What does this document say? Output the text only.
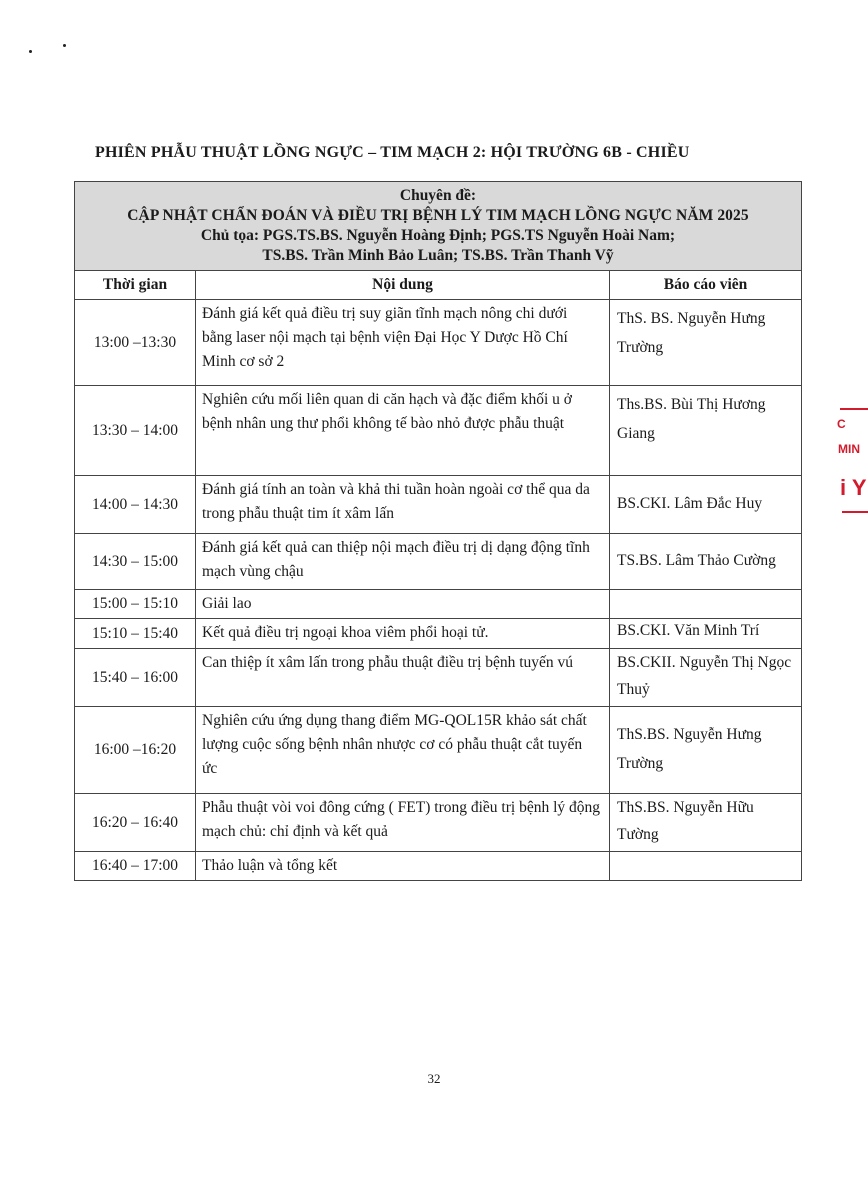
PHIÊN PHẪU THUẬT LỒNG NGỰC – TIM MẠCH 2: HỘI TRƯỜNG 6B - CHIỀU
Chuyên đề:
CẬP NHẬT CHẨN ĐOÁN VÀ ĐIỀU TRỊ BỆNH LÝ TIM MẠCH LỒNG NGỰC NĂM 2025
Chủ tọa: PGS.TS.BS. Nguyễn Hoàng Định; PGS.TS Nguyễn Hoài Nam;
TS.BS. Trần Minh Bảo Luân; TS.BS. Trần Thanh Vỹ		

Thời gian	Nội dung	Báo cáo viên
13:00 –13:30	Đánh giá kết quả điều trị suy giãn tĩnh mạch nông chi dưới bằng laser nội mạch tại bệnh viện Đại Học Y Dược Hồ Chí Minh cơ sở 2	ThS. BS. Nguyễn Hưng Trường
13:30 – 14:00	Nghiên cứu mối liên quan di căn hạch và đặc điểm khối u ở bệnh nhân ung thư phổi không tế bào nhỏ được phẫu thuật	Ths.BS. Bùi Thị Hương Giang
14:00 – 14:30	Đánh giá tính an toàn và khả thi tuần hoàn ngoài cơ thể qua da trong phẫu thuật tim ít xâm lấn	BS.CKI. Lâm Đắc Huy
14:30 – 15:00	Đánh giá kết quả can thiệp nội mạch điều trị dị dạng động tĩnh mạch vùng chậu	TS.BS. Lâm Thảo Cường
15:00 – 15:10	Giải lao	
15:10 – 15:40	Kết quả điều trị ngoại khoa viêm phổi hoại tử.	BS.CKI. Văn Minh Trí
15:40 – 16:00	Can thiệp ít xâm lấn trong phẫu thuật điều trị bệnh tuyến vú	BS.CKII. Nguyễn Thị Ngọc Thuỷ
16:00 –16:20	Nghiên cứu ứng dụng thang điểm MG-QOL15R khảo sát chất lượng cuộc sống bệnh nhân nhược cơ có phẫu thuật cắt tuyến ức	ThS.BS. Nguyễn Hưng Trường
16:20 – 16:40	Phẫu thuật vòi voi đông cứng ( FET) trong điều trị bệnh lý động mạch chủ: chỉ định và kết quả	ThS.BS. Nguyễn Hữu Tường
16:40 – 17:00	Thảo luận và tổng kết	
C
MIN
i Y
32
